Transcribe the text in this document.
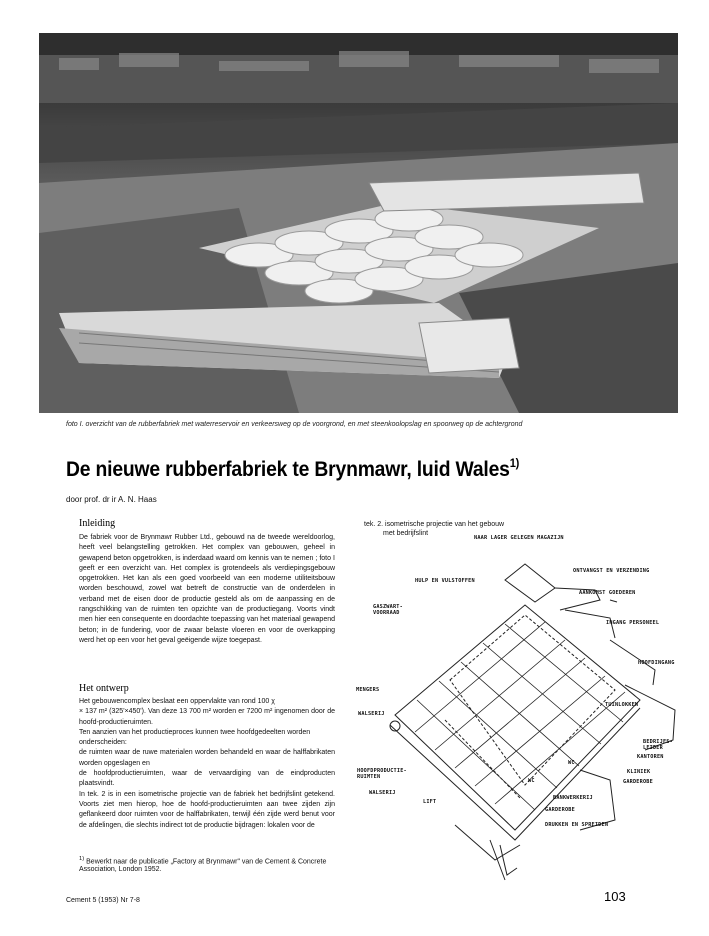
foto I. overzicht van de rubberfabriek met waterreservoir en verkeersweg op de voorgrond, en met steenkoolopslag en spoorweg op de achtergrond
De nieuwe rubberfabriek te Brynmawr, luid Wales$^{1)}$
door prof. dr ir A. N. Haas
Inleiding

De fabriek voor de Brynmawr Rubber Ltd., gebouwd na de tweede wereldoorlog, heeft veel belangstelling getrokken. Het complex van gebouwen, geheel in gewapend beton opgetrokken, is inderdaad waard om kennis van te nemen ; foto I geeft er een overzicht van. Het complex is grotendeels als verdiepingsgebouw opgetrokken. Het kan als een goed voorbeeld van een moderne utiliteitsbouw worden beschouwd, zowel wat betreft de constructie van de onderdelen in verband met de eisen door de productie gesteld als om de aanpassing en de rangschikking van de ruimten ten opzichte van de productiegang. Voorts vindt men hier een consequente en doordachte toepassing van het materiaal gewapend beton; in de fundering, voor de zwaar belaste vloeren en voor de overkapping werd het op een voor het geval geëigende wijze toegepast.

Het ontwerp

Het gebouwencomplex beslaat een oppervlakte van rond 100 χ

× 137 m² (325'×450'). Van deze 13 700 m² worden er 7200 m² ingenomen door de hoofd-productieruimten.

Ten aanzien van het productieproces kunnen twee hoofdgedeelten worden onderscheiden:

de ruimten waar de ruwe materialen worden behandeld en waar de halffabrikaten worden opgeslagen en

de hoofdproductieruimten, waar de vervaardiging van de eindproducten plaatsvindt.

In tek. 2 is in een isometrische projectie van de fabriek het bedrijfslint getekend. Voorts ziet men hierop, hoe de hoofd-productieruimten aan twee zijden zijn geflankeerd door ruimten voor de halffabrikaten, terwijl één zijde werd benut voor de afdelingen, die slechts indirect tot de productie bijdragen: lokalen voor de

$^{1)}$ Bewerkt naar de publicatie „Factory at Brynmawr" van de Cement & Concrete Association, London 1952.
Cement 5 (1953) Nr 7-8	103
tek. 2. isometrische projectie van het gebouw
met bedrijfslint
NAAR LAGER GELEGEN MAGAZIJN
ONTVANGST EN VERZENDING
HULP EN VULSTOFFEN
AANKOMST GOEDEREN
GASZWART-VOORRAAD
INGANG PERSONEEL
HOOFDINGANG
MENGERS
TUINLOKKEN
WALSERIJ
BEDRIJFS-LEIDER
KANTOREN
KLINIEK
HOOFDPRODUCTIE-RUIMTEN
GARDEROBE
WALSERIJ
LIFT
BANKWERKERIJ
GARDEROBE
DRUKKEN EN SPREIDEN
WC
WC
